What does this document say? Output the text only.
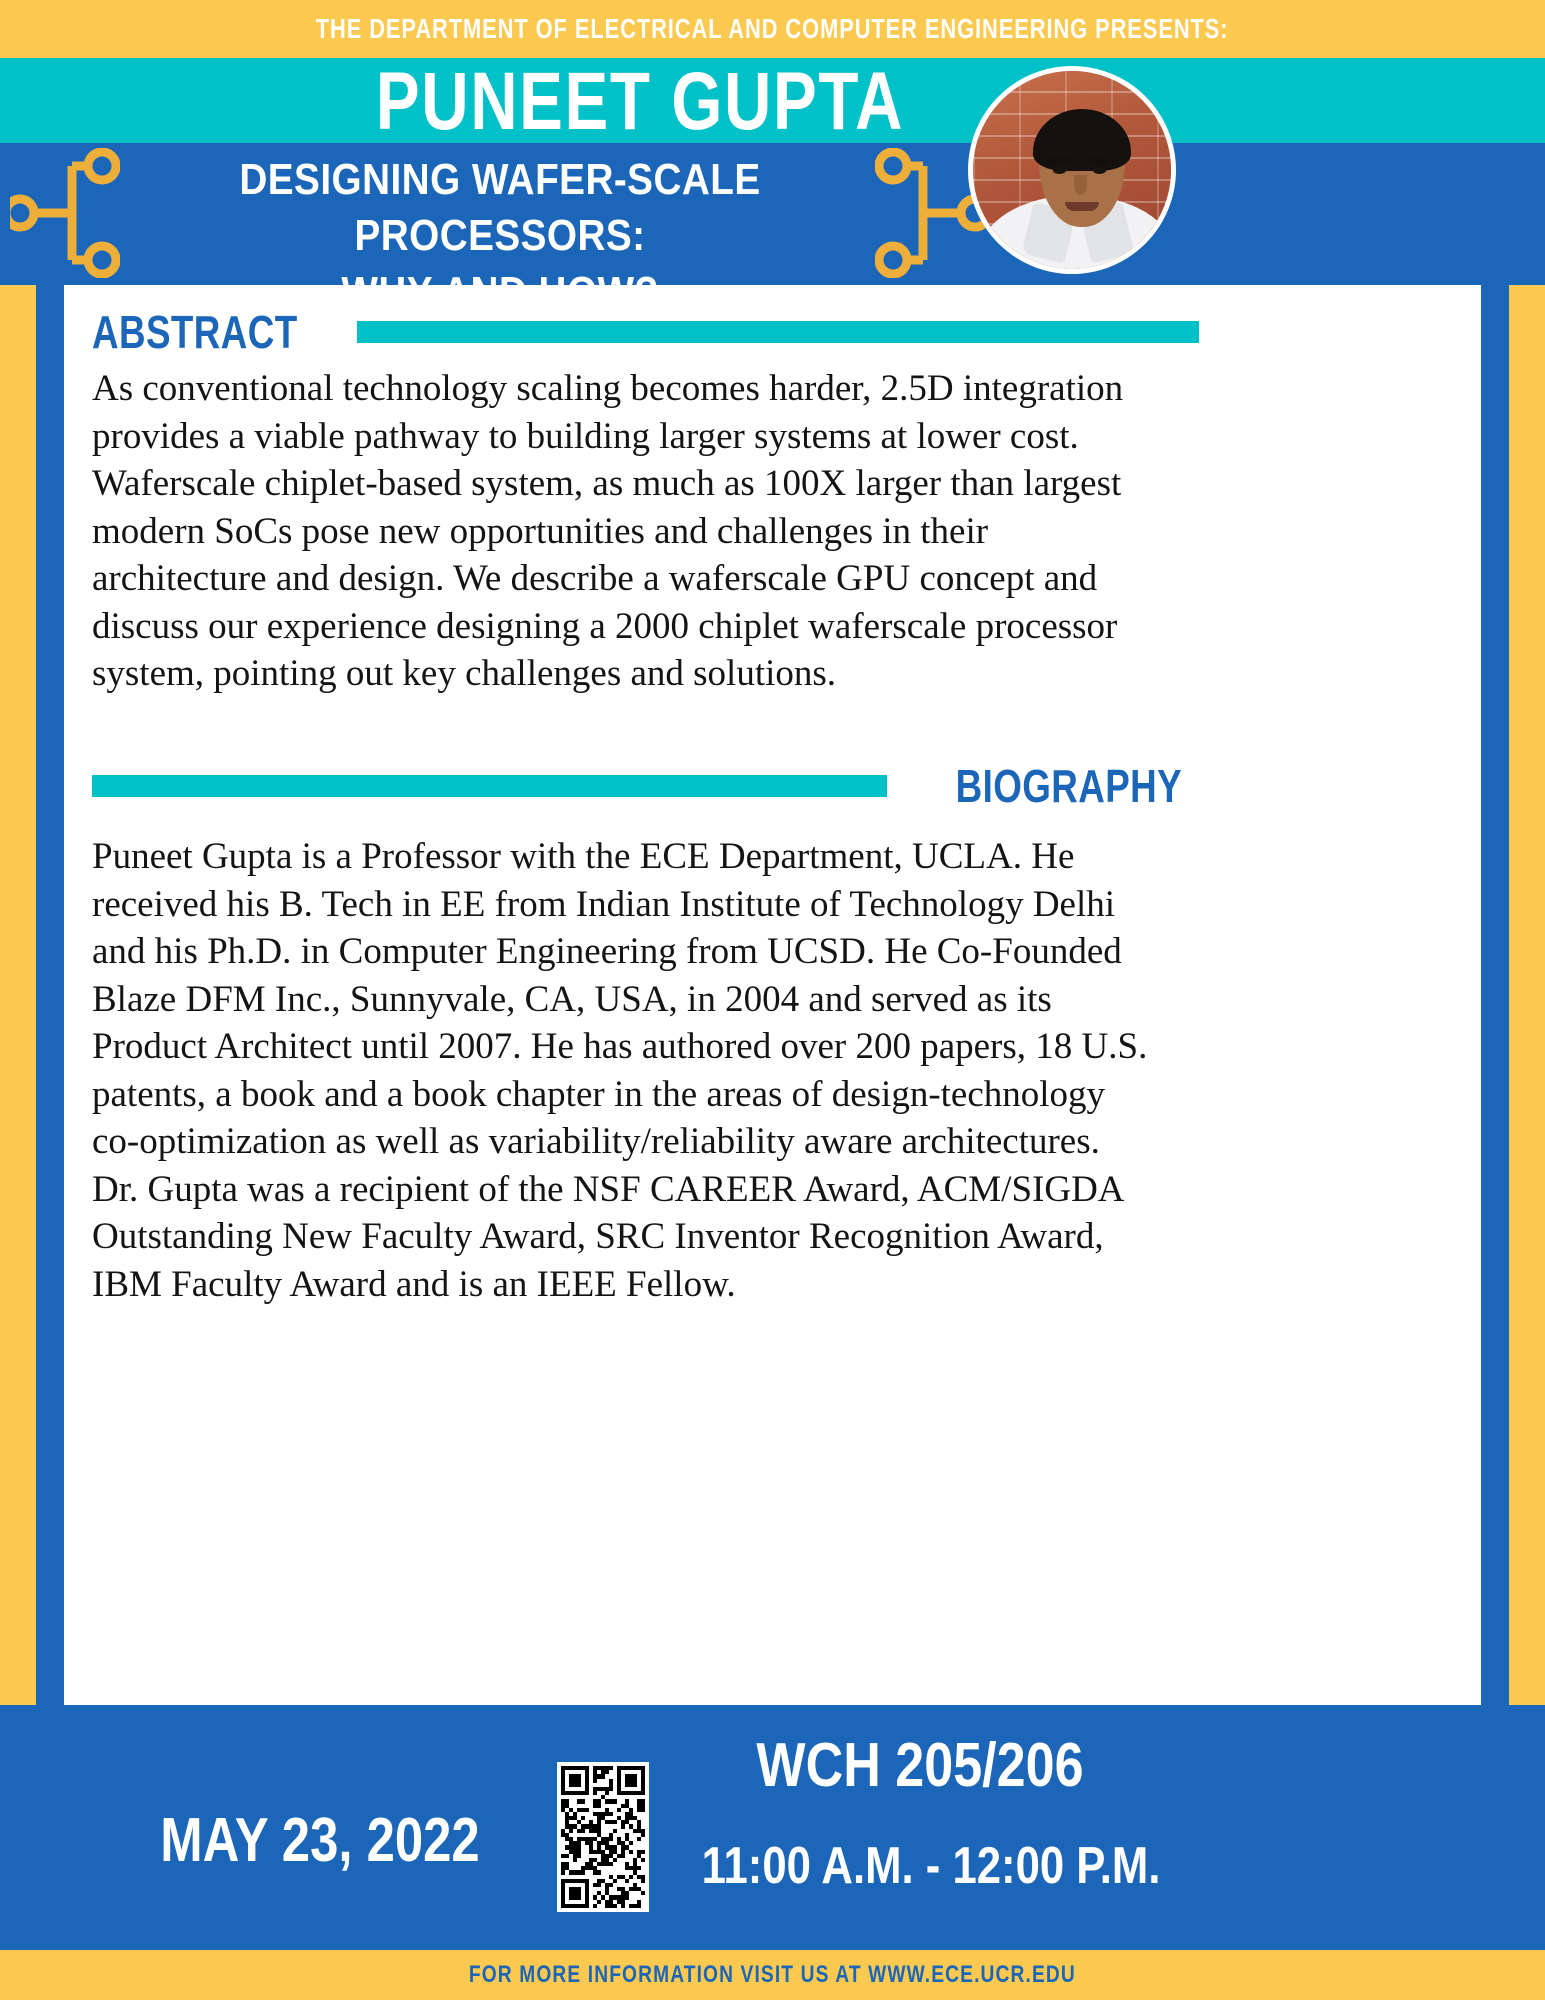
THE DEPARTMENT OF ELECTRICAL AND COMPUTER ENGINEERING PRESENTS:
PUNEET GUPTA
DESIGNING WAFER-SCALE PROCESSORS:
ABSTRACT
As conventional technology scaling becomes harder, 2.5D integration provides a viable pathway to building larger systems at lower cost. Waferscale chiplet-based system, as much as 100X larger than largest modern SoCs pose new opportunities and challenges in their architecture and design. We describe a waferscale GPU concept and discuss our experience designing a 2000 chiplet waferscale processor system, pointing out key challenges and solutions.
BIOGRAPHY
Puneet Gupta is a Professor with the ECE Department, UCLA. He received his B. Tech in EE from Indian Institute of Technology Delhi and his Ph.D. in Computer Engineering from UCSD. He Co-Founded Blaze DFM Inc., Sunnyvale, CA, USA, in 2004 and served as its Product Architect until 2007. He has authored over 200 papers, 18 U.S. patents, a book and a book chapter in the areas of design-technology co-optimization as well as variability/reliability aware architectures. Dr. Gupta was a recipient of the NSF CAREER Award, ACM/SIGDA Outstanding New Faculty Award, SRC Inventor Recognition Award, IBM Faculty Award and is an IEEE Fellow.
MAY 23, 2022
WCH 205/206
11:00 A.M. - 12:00 P.M.
FOR MORE INFORMATION VISIT US AT WWW.ECE.UCR.EDU
